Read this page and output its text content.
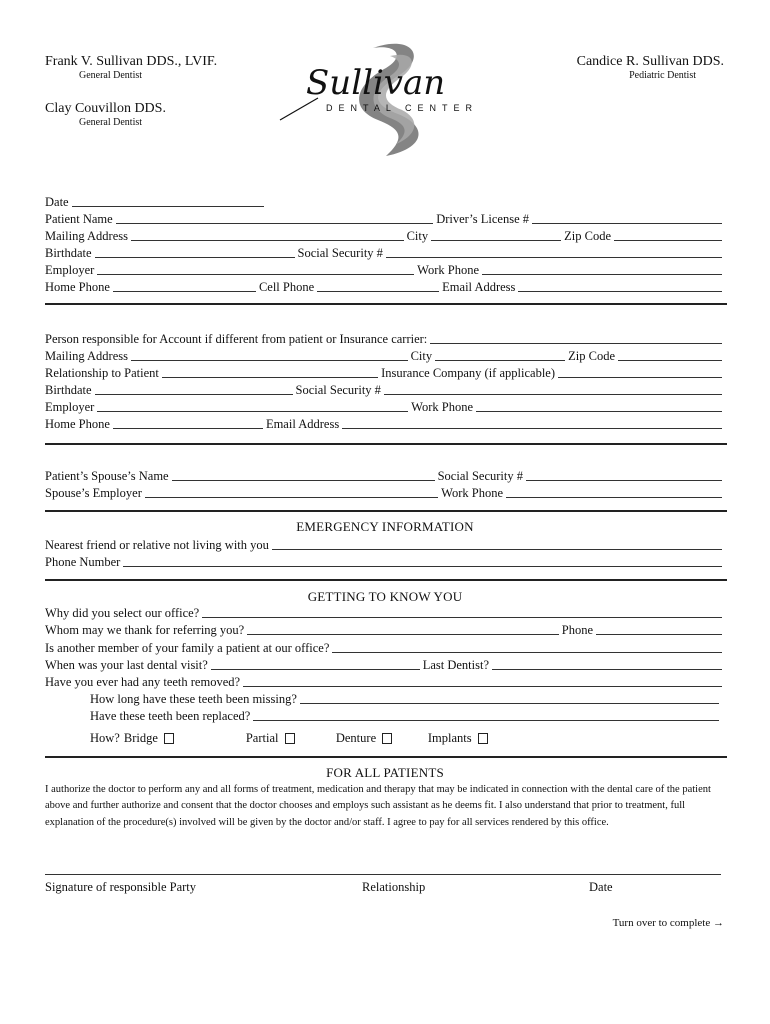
Frank V. Sullivan DDS., LVIF.
General Dentist
Clay Couvillon DDS.
General Dentist
Candice R. Sullivan DDS.
Pediatric Dentist
Sullivan
DENTAL CENTER
Date
Patient Name	Driver’s License #
Mailing Address	City	Zip Code
Birthdate	Social Security #
Employer	Work Phone
Home Phone	Cell Phone	Email Address
Person responsible for Account if different from patient or Insurance carrier:
Mailing Address	City	Zip Code
Relationship to Patient	Insurance Company (if applicable)
Birthdate	Social Security #
Employer	Work Phone
Home Phone	Email Address
Patient’s Spouse’s Name	Social Security #
Spouse’s Employer	Work Phone
EMERGENCY INFORMATION
Nearest friend or relative not living with you
Phone Number
GETTING TO KNOW YOU
Why did you select our office?
Whom may we thank for referring you?	Phone
Is another member of your family a patient at our office?
When was your last dental visit?	Last Dentist?
Have you ever had any teeth removed?
How long have these teeth been missing?
Have these teeth been replaced?
How? Bridge	Partial	Denture	Implants
FOR ALL PATIENTS
I authorize the doctor to perform any and all forms of treatment, medication and therapy that may be indicated in connection with the dental care of the patient above and further authorize and consent that the doctor chooses and employs such assistant as he deems fit. I also understand that prior to treatment, full explanation of the procedure(s) involved will be given by the doctor and/or staff. I agree to pay for all services rendered by this office.
Signature of responsible Party	Relationship	Date
Turn over to complete →
